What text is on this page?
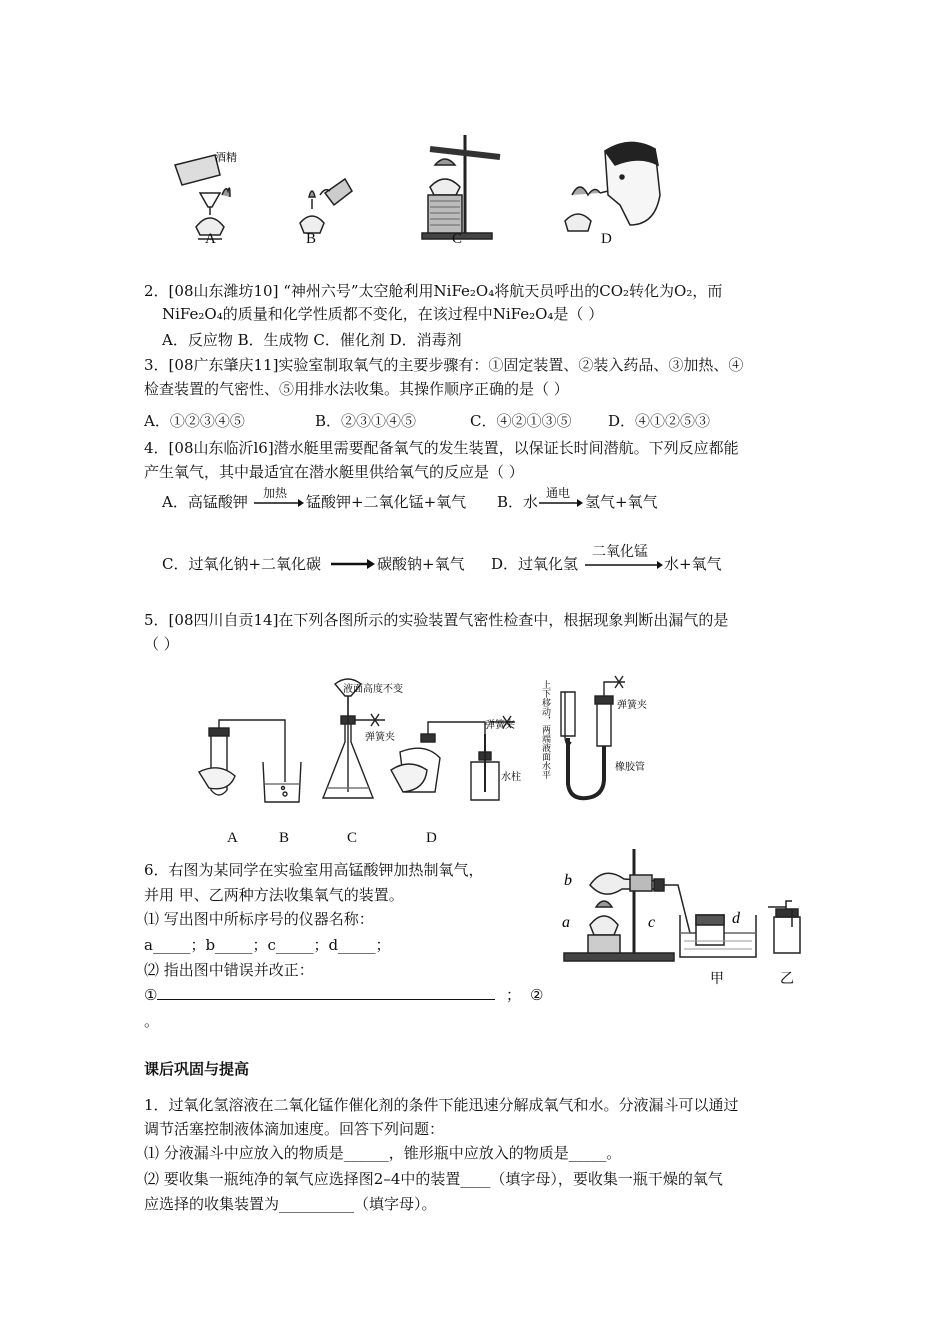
酒精
A	B	C	D
2．[08山东潍坊10] “神州六号”太空舱利用NiFe₂O₄将航天员呼出的CO₂转化为O₂，而
NiFe₂O₄的质量和化学性质都不变化，在该过程中NiFe₂O₄是（ ）
A．反应物 B．生成物 C．催化剂 D．消毒剂
3．[08广东肇庆11]实验室制取氧气的主要步骤有：①固定装置、②装入药品、③加热、④
检查装置的气密性、⑤用排水法收集。其操作顺序正确的是（ ）
A．①②③④⑤	B．②③①④⑤	C．④②①③⑤ D．④①②⑤③
4．[08山东临沂l6]潜水艇里需要配备氧气的发生装置，以保证长时间潜航。下列反应都能
产生氧气，其中最适宜在潜水艇里供给氧气的反应是（ ）
A．高锰酸钾 加热 锰酸钾+二氧化锰+氧气 B．水 通电 氢气+氧气
C．过氧化钠+二氧化碳	碳酸钠+氧气 D．过氧化氢
二氧化锰
水+氧气
5．[08四川自贡14]在下列各图所示的实验装置气密性检查中，根据现象判断出漏气的是
（ ）
液面高度不变
弹簧夹
弹簧夹
水柱
弹簧夹
橡胶管
上下移动，两端液面水平
A	B	C	D
6．右图为某同学在实验室用高锰酸钾加热制氧气，
并用 甲、乙两种方法收集氧气的装置。
⑴ 写出图中所标序号的仪器名称：
a_____；b_____；c_____；d_____；
⑵ 指出图中错误并改正：
①	； ②
。
a
b
c	d
甲	乙
课后巩固与提高
1．过氧化氢溶液在二氧化锰作催化剂的条件下能迅速分解成氧气和水。分液漏斗可以通过
调节活塞控制液体滴加速度。回答下列问题：
⑴ 分液漏斗中应放入的物质是______，锥形瓶中应放入的物质是_____。
⑵ 要收集一瓶纯净的氧气应选择图2–4中的装置____（填字母），要收集一瓶干燥的氧气
应选择的收集装置为__________（填字母）。
